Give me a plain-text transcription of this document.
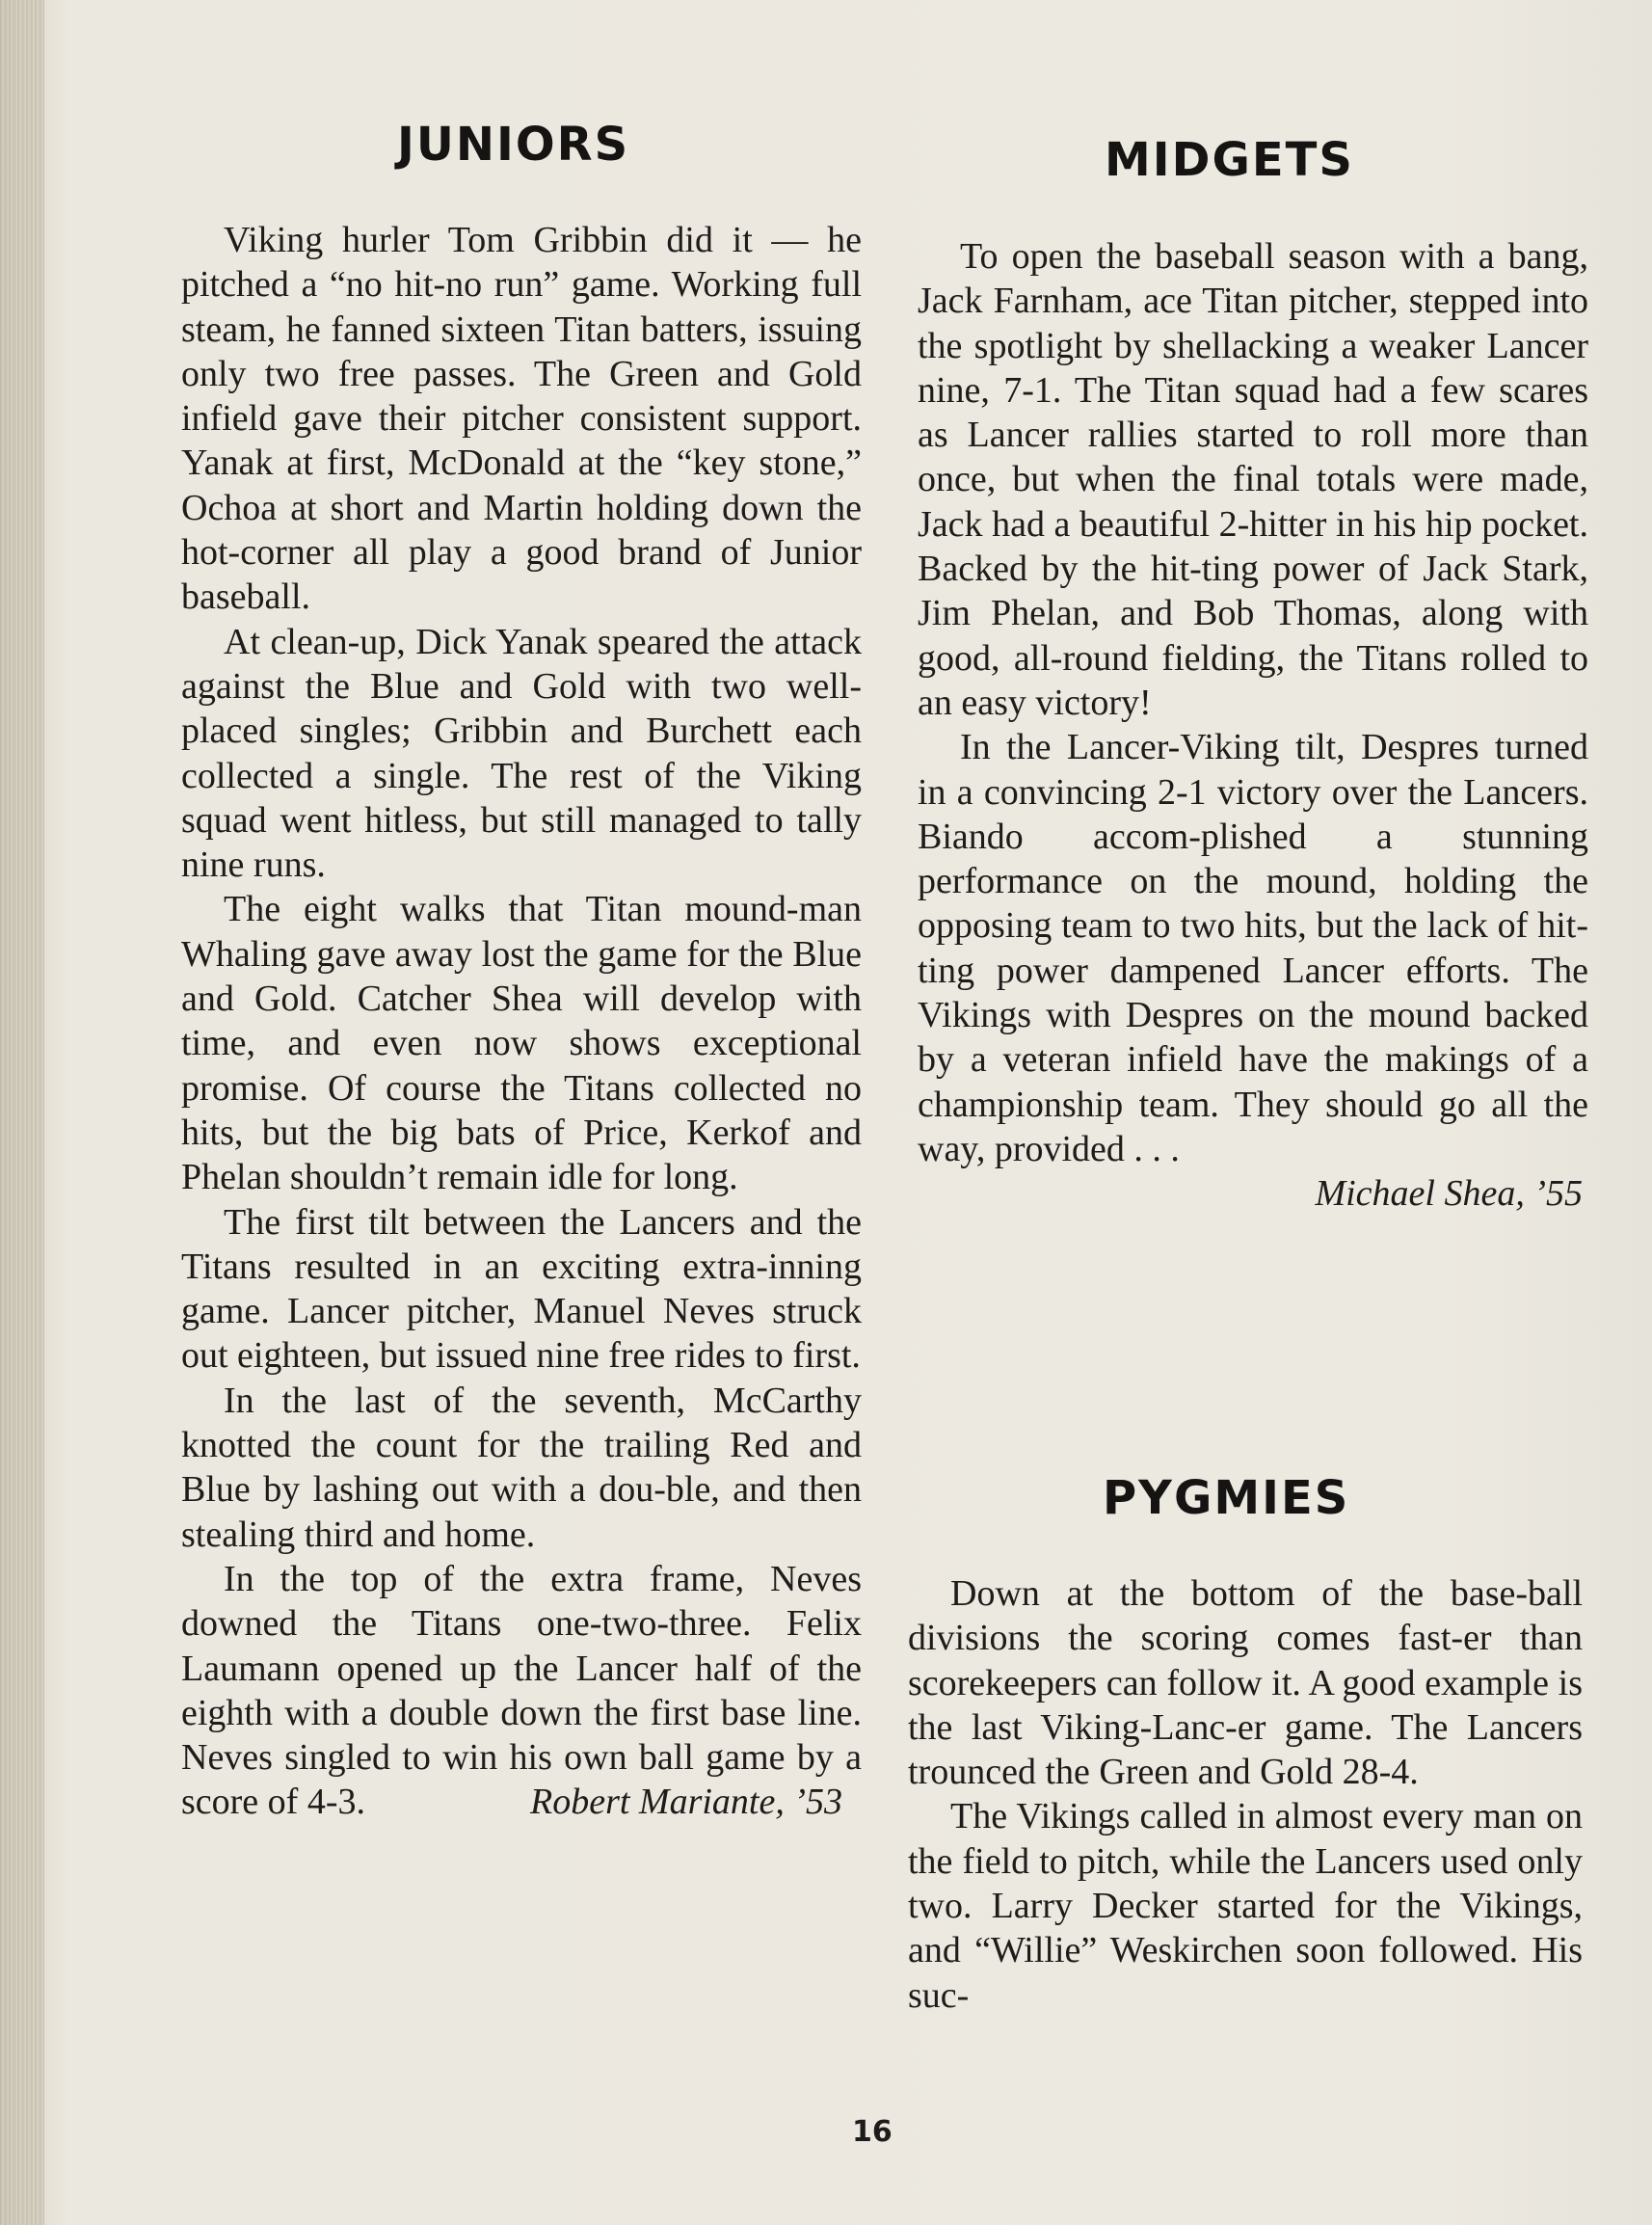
JUNIORS

Viking hurler Tom Gribbin did it — he pitched a “no hit-no run” game. Working full steam, he fanned sixteen Titan batters, issuing only two free passes. The Green and Gold infield gave their pitcher consistent support. Yanak at first, McDonald at the “key stone,” Ochoa at short and Martin holding down the hot-corner all play a good brand of Junior baseball.

At clean-up, Dick Yanak speared the attack against the Blue and Gold with two well-placed singles; Gribbin and Burchett each collected a single. The rest of the Viking squad went hitless, but still managed to tally nine runs.

The eight walks that Titan mound-man Whaling gave away lost the game for the Blue and Gold. Catcher Shea will develop with time, and even now shows exceptional promise. Of course the Titans collected no hits, but the big bats of Price, Kerkof and Phelan shouldn’t remain idle for long.

The first tilt between the Lancers and the Titans resulted in an exciting extra-inning game. Lancer pitcher, Manuel Neves struck out eighteen, but issued nine free rides to first.

In the last of the seventh, McCarthy knotted the count for the trailing Red and Blue by lashing out with a dou-ble, and then stealing third and home.

In the top of the extra frame, Neves downed the Titans one-two-three. Felix Laumann opened up the Lancer half of the eighth with a double down the first base line. Neves singled to win his own ball game by a score of 4-3.	Robert Mariante, ’53

MIDGETS

To open the baseball season with a bang, Jack Farnham, ace Titan pitcher, stepped into the spotlight by shellacking a weaker Lancer nine, 7-1. The Titan squad had a few scares as Lancer rallies started to roll more than once, but when the final totals were made, Jack had a beautiful 2-hitter in his hip pocket. Backed by the hit-ting power of Jack Stark, Jim Phelan, and Bob Thomas, along with good, all-round fielding, the Titans rolled to an easy victory!

In the Lancer-Viking tilt, Despres turned in a convincing 2-1 victory over the Lancers. Biando accom-plished a stunning performance on the mound, holding the opposing team to two hits, but the lack of hit-ting power dampened Lancer efforts. The Vikings with Despres on the mound backed by a veteran infield have the makings of a championship team. They should go all the way, provided . . .

Michael Shea, ’55

PYGMIES

Down at the bottom of the base-ball divisions the scoring comes fast-er than scorekeepers can follow it. A good example is the last Viking-Lanc-er game. The Lancers trounced the Green and Gold 28-4.

The Vikings called in almost every man on the field to pitch, while the Lancers used only two. Larry Decker started for the Vikings, and “Willie” Weskirchen soon followed. His suc-

16
